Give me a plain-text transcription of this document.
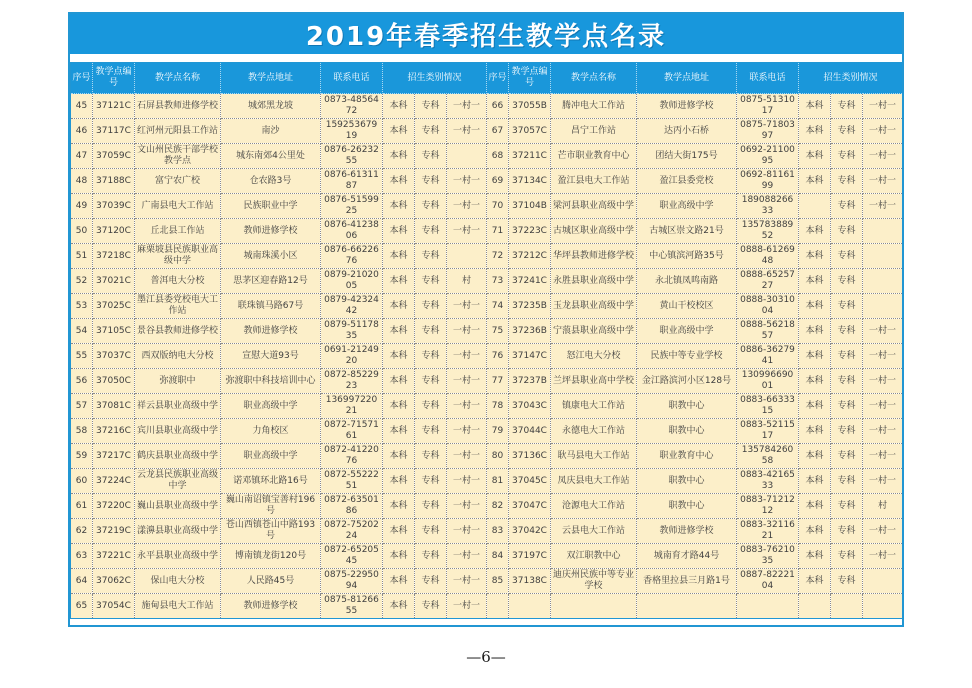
2019年春季招生教学点名录
序号	教学点编号	教学点名称	教学点地址	联系电话	招生类别情况			序号	教学点编号	教学点名称	教学点地址	联系电话	招生类别情况		
45	37121C	石屏县教师进修学校	城郊黑龙坡	0873-4856472	本科	专科	一村一	66	37055B	腾冲电大工作站	教师进修学校	0875-5131017	本科	专科	一村一
46	37117C	红河州元阳县工作站	南沙	15925367919	本科	专科	一村一	67	37057C	昌宁工作站	达丙小石桥	0875-7180397	本科	专科	一村一
47	37059C	文山州民族干部学校教学点	城东南郊4公里处	0876-2623255	本科	专科		68	37211C	芒市职业教育中心	团结大街175号	0692-2110095	本科	专科	一村一
48	37188C	富宁农广校	仓农路3号	0876-6131187	本科	专科	一村一	69	37134C	盈江县电大工作站	盈江县委党校	0692-8116199	本科	专科	一村一
49	37039C	广南县电大工作站	民族职业中学	0876-5159925	本科	专科	一村一	70	37104B	梁河县职业高级中学	职业高级中学	18908826633		专科	一村一
50	37120C	丘北县工作站	教师进修学校	0876-4123806	本科	专科	一村一	71	37223C	古城区职业高级中学	古城区崇文路21号	13578388952	本科	专科	
51	37218C	麻栗坡县民族职业高级中学	城南珠溪小区	0876-6622676	本科	专科		72	37212C	华坪县教师进修学校	中心镇滨河路35号	0888-6126948	本科	专科	
52	37021C	普洱电大分校	思茅区迎春路12号	0879-2102005	本科	专科	村	73	37241C	永胜县职业高级中学	永北镇凤鸣南路	0888-6525727	本科	专科	
53	37025C	墨江县委党校电大工作站	联珠镇马路67号	0879-4232442	本科	专科	一村一	74	37235B	玉龙县职业高级中学	黄山干校校区	0888-3031004	本科	专科	
54	37105C	景谷县教师进修学校	教师进修学校	0879-5117835	本科	专科	一村一	75	37236B	宁蒗县职业高级中学	职业高级中学	0888-5621857	本科	专科	一村一
55	37037C	西双版纳电大分校	宣慰大道93号	0691-2124920	本科	专科	一村一	76	37147C	怒江电大分校	民族中等专业学校	0886-3627941	本科	专科	一村一
56	37050C	弥渡职中	弥渡职中科技培训中心	0872-8522923	本科	专科	一村一	77	37237B	兰坪县职业高中学校	金江路滨河小区128号	13099669001	本科	专科	一村一
57	37081C	祥云县职业高级中学	职业高级中学	13699722021	本科	专科	一村一	78	37043C	镇康电大工作站	职教中心	0883-6633315	本科	专科	一村一
58	37216C	宾川县职业高级中学	力角校区	0872-7157161	本科	专科	一村一	79	37044C	永德电大工作站	职教中心	0883-5211517	本科	专科	一村一
59	37217C	鹤庆县职业高级中学	职业高级中学	0872-4122076	本科	专科	一村一	80	37136C	耿马县电大工作站	职业教育中心	13578426058	本科	专科	一村一
60	37224C	云龙县民族职业高级中学	诺邓镇环北路16号	0872-5522251	本科	专科	一村一	81	37045C	凤庆县电大工作站	职教中心	0883-4216533	本科	专科	一村一
61	37220C	巍山县职业高级中学	巍山南诏镇宝善村196号	0872-6350186	本科	专科	一村一	82	37047C	沧源电大工作站	职教中心	0883-7121212	本科	专科	村
62	37219C	漾濞县职业高级中学	苍山西镇苍山中路193号	0872-7520224	本科	专科	一村一	83	37042C	云县电大工作站	教师进修学校	0883-3211621	本科	专科	一村一
63	37221C	永平县职业高级中学	博南镇龙街120号	0872-6520545	本科	专科	一村一	84	37197C	双江职教中心	城南育才路44号	0883-7621035	本科	专科	一村一
64	37062C	保山电大分校	人民路45号	0875-2295094	本科	专科	一村一	85	37138C	迪庆州民族中等专业学校	香格里拉县三月路1号	0887-8222104	本科	专科	
65	37054C	施甸县电大工作站	教师进修学校	0875-8126655	本科	专科	一村一								
—6—
